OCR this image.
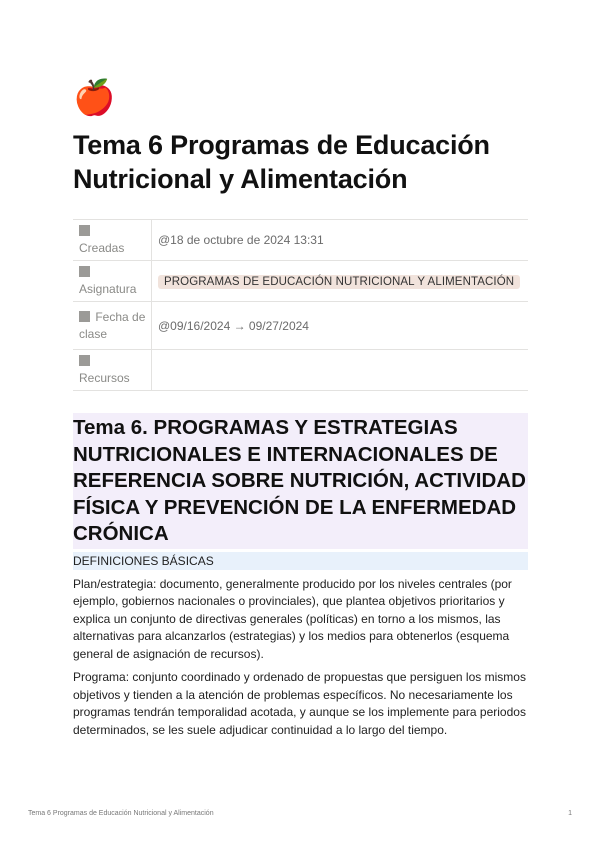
🍎
Tema 6 Programas de Educación Nutricional y Alimentación

Creadas	@18 de octubre de 2024 13:31

Asignatura	PROGRAMAS DE EDUCACIÓN NUTRICIONAL Y ALIMENTACIÓN
Fecha de clase	@09/16/2024 → 09/27/2024

Recursos	
Tema 6. PROGRAMAS Y ESTRATEGIAS NUTRICIONALES E INTERNACIONALES DE REFERENCIA SOBRE NUTRICIÓN, ACTIVIDAD FÍSICA Y PREVENCIÓN DE LA ENFERMEDAD CRÓNICA
DEFINICIONES BÁSICAS

Plan/estrategia: documento, generalmente producido por los niveles centrales (por ejemplo, gobiernos nacionales o provinciales), que plantea objetivos prioritarios y explica un conjunto de directivas generales (políticas) en torno a los mismos, las alternativas para alcanzarlos (estrategias) y los medios para obtenerlos (esquema general de asignación de recursos).

Programa: conjunto coordinado y ordenado de propuestas que persiguen los mismos objetivos y tienden a la atención de problemas específicos. No necesariamente los programas tendrán temporalidad acotada, y aunque se los implemente para periodos determinados, se les suele adjudicar continuidad a lo largo del tiempo.

Tema 6 Programas de Educación Nutricional y Alimentación	1
